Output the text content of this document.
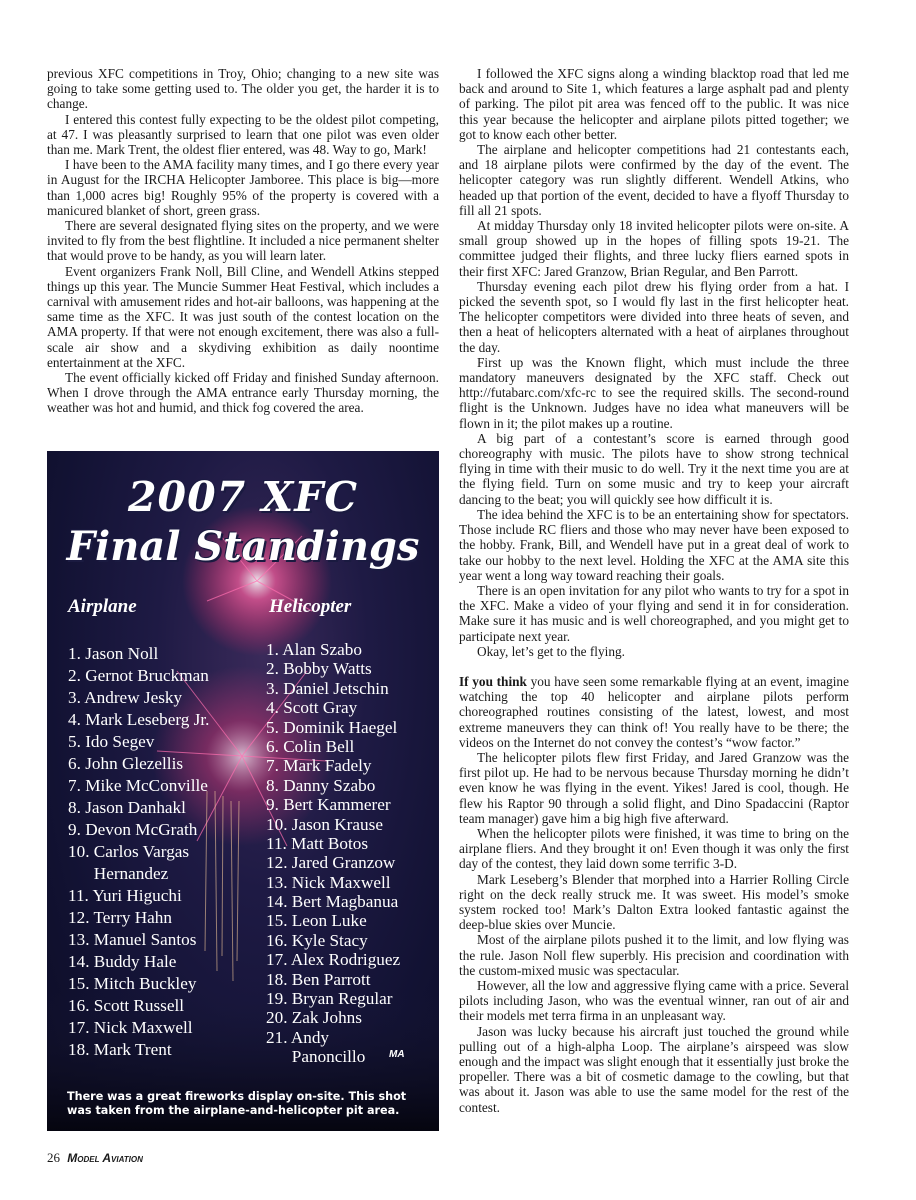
previous XFC competitions in Troy, Ohio; changing to a new site was going to take some getting used to. The older you get, the harder it is to change.

I entered this contest fully expecting to be the oldest pilot competing, at 47. I was pleasantly surprised to learn that one pilot was even older than me. Mark Trent, the oldest flier entered, was 48. Way to go, Mark!

I have been to the AMA facility many times, and I go there every year in August for the IRCHA Helicopter Jamboree. This place is big—more than 1,000 acres big! Roughly 95% of the property is covered with a manicured blanket of short, green grass.

There are several designated flying sites on the property, and we were invited to fly from the best flightline. It included a nice permanent shelter that would prove to be handy, as you will learn later.

Event organizers Frank Noll, Bill Cline, and Wendell Atkins stepped things up this year. The Muncie Summer Heat Festival, which includes a carnival with amusement rides and hot-air balloons, was happening at the same time as the XFC. It was just south of the contest location on the AMA property. If that were not enough excitement, there was also a full-scale air show and a skydiving exhibition as daily noontime entertainment at the XFC.

The event officially kicked off Friday and finished Sunday afternoon. When I drove through the AMA entrance early Thursday morning, the weather was hot and humid, and thick fog covered the area.

2007 XFC
Final Standings
Airplane	Helicopter
1. Jason Noll
2. Gernot Bruckman
3. Andrew Jesky
4. Mark Leseberg Jr.
5. Ido Segev
6. John Glezellis
7. Mike McConville
8. Jason Danhakl
9. Devon McGrath
10. Carlos Vargas
Hernandez
11. Yuri Higuchi
12. Terry Hahn
13. Manuel Santos
14. Buddy Hale
15. Mitch Buckley
16. Scott Russell
17. Nick Maxwell
18. Mark Trent
1. Alan Szabo
2. Bobby Watts
3. Daniel Jetschin
4. Scott Gray
5. Dominik Haegel
6. Colin Bell
7. Mark Fadely
8. Danny Szabo
9. Bert Kammerer
10. Jason Krause
11. Matt Botos
12. Jared Granzow
13. Nick Maxwell
14. Bert Magbanua
15. Leon Luke
16. Kyle Stacy
17. Alex Rodriguez
18. Ben Parrott
19. Bryan Regular
20. Zak Johns
21. Andy
Panoncillo	MA

There was a great fireworks display on-site. This shot was taken from the airplane-and-helicopter pit area.

I followed the XFC signs along a winding blacktop road that led me back and around to Site 1, which features a large asphalt pad and plenty of parking. The pilot pit area was fenced off to the public. It was nice this year because the helicopter and airplane pilots pitted together; we got to know each other better.

The airplane and helicopter competitions had 21 contestants each, and 18 airplane pilots were confirmed by the day of the event. The helicopter category was run slightly different. Wendell Atkins, who headed up that portion of the event, decided to have a flyoff Thursday to fill all 21 spots.

At midday Thursday only 18 invited helicopter pilots were on-site. A small group showed up in the hopes of filling spots 19-21. The committee judged their flights, and three lucky fliers earned spots in their first XFC: Jared Granzow, Brian Regular, and Ben Parrott.

Thursday evening each pilot drew his flying order from a hat. I picked the seventh spot, so I would fly last in the first helicopter heat. The helicopter competitors were divided into three heats of seven, and then a heat of helicopters alternated with a heat of airplanes throughout the day.

First up was the Known flight, which must include the three mandatory maneuvers designated by the XFC staff. Check out http://futabarc.com/xfc-rc to see the required skills. The second-round flight is the Unknown. Judges have no idea what maneuvers will be flown in it; the pilot makes up a routine.

A big part of a contestant’s score is earned through good choreography with music. The pilots have to show strong technical flying in time with their music to do well. Try it the next time you are at the flying field. Turn on some music and try to keep your aircraft dancing to the beat; you will quickly see how difficult it is.

The idea behind the XFC is to be an entertaining show for spectators. Those include RC fliers and those who may never have been exposed to the hobby. Frank, Bill, and Wendell have put in a great deal of work to take our hobby to the next level. Holding the XFC at the AMA site this year went a long way toward reaching their goals.

There is an open invitation for any pilot who wants to try for a spot in the XFC. Make a video of your flying and send it in for consideration. Make sure it has music and is well choreographed, and you might get to participate next year.

Okay, let’s get to the flying.

If you think you have seen some remarkable flying at an event, imagine watching the top 40 helicopter and airplane pilots perform choreographed routines consisting of the latest, lowest, and most extreme maneuvers they can think of! You really have to be there; the videos on the Internet do not convey the contest’s “wow factor.”

The helicopter pilots flew first Friday, and Jared Granzow was the first pilot up. He had to be nervous because Thursday morning he didn’t even know he was flying in the event. Yikes! Jared is cool, though. He flew his Raptor 90 through a solid flight, and Dino Spadaccini (Raptor team manager) gave him a big high five afterward.

When the helicopter pilots were finished, it was time to bring on the airplane fliers. And they brought it on! Even though it was only the first day of the contest, they laid down some terrific 3-D.

Mark Leseberg’s Blender that morphed into a Harrier Rolling Circle right on the deck really struck me. It was sweet. His model’s smoke system rocked too! Mark’s Dalton Extra looked fantastic against the deep-blue skies over Muncie.

Most of the airplane pilots pushed it to the limit, and low flying was the rule. Jason Noll flew superbly. His precision and coordination with the custom-mixed music was spectacular.

However, all the low and aggressive flying came with a price. Several pilots including Jason, who was the eventual winner, ran out of air and their models met terra firma in an unpleasant way.

Jason was lucky because his aircraft just touched the ground while pulling out of a high-alpha Loop. The airplane’s airspeed was slow enough and the impact was slight enough that it essentially just broke the propeller. There was a bit of cosmetic damage to the cowling, but that was about it. Jason was able to use the same model for the rest of the contest.

26 Model Aviation
